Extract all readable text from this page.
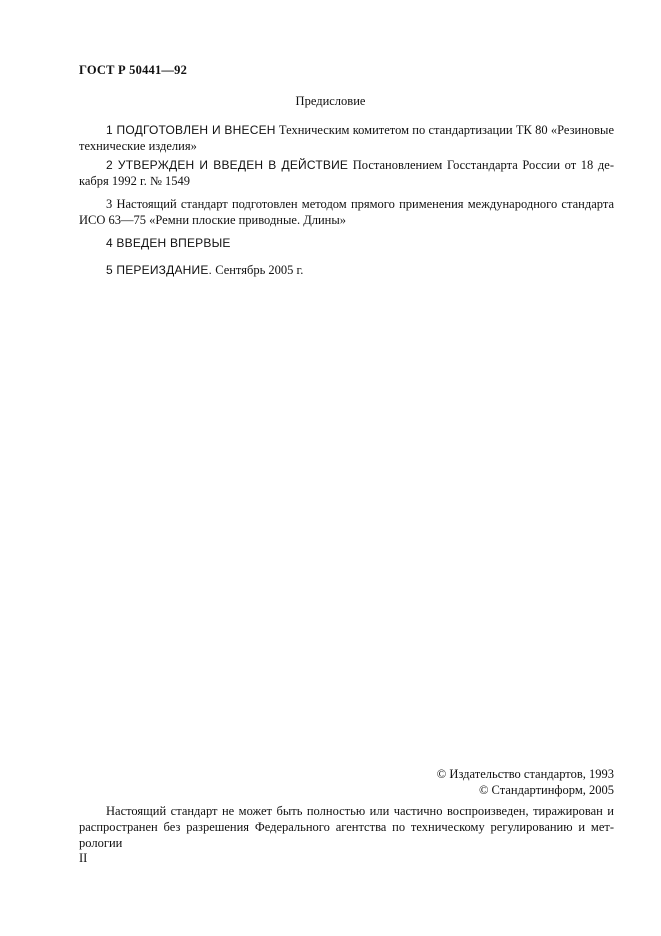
ГОСТ Р 50441—92
Предисловие
1 ПОДГОТОВЛЕН И ВНЕСЕН Техническим комитетом по стандартизации ТК 80 «Резиновые технические изделия»
2 УТВЕРЖДЕН И ВВЕДЕН В ДЕЙСТВИЕ Постановлением Госстандарта России от 18 де-кабря 1992 г. № 1549
3 Настоящий стандарт подготовлен методом прямого применения международного стандарта ИСО 63—75 «Ремни плоские приводные. Длины»
4 ВВЕДЕН ВПЕРВЫЕ
5 ПЕРЕИЗДАНИЕ. Сентябрь 2005 г.
© Издательство стандартов, 1993
© Стандартинформ, 2005
Настоящий стандарт не может быть полностью или частично воспроизведен, тиражирован и распространен без разрешения Федерального агентства по техническому регулированию и мет-рологии
II
